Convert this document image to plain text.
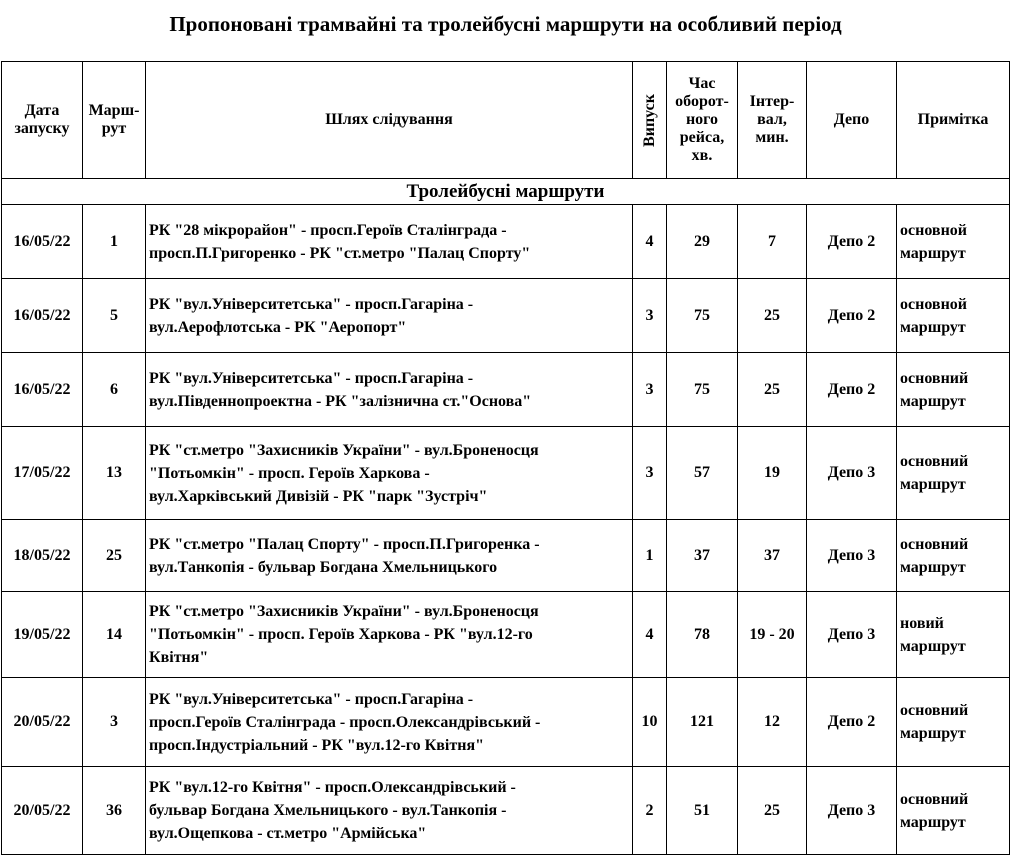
Пропоновані трамвайні та тролейбусні маршрути на особливий період
Дата
запуску	Марш-
рут	Шлях слідування	Випуск	Час
оборот-
ного
рейса,
хв.	Інтер-
вал,
мин.	Депо	Примітка
Тролейбусні маршрути							
16/05/22	1	РК "28 мікрорайон" - просп.Героїв Сталінграда -
просп.П.Григоренко - РК "ст.метро "Палац Спорту"	4	29	7	Депо 2	основной
маршрут
16/05/22	5	РК "вул.Університетська" - просп.Гагаріна -
вул.Аерофлотська - РК "Аеропорт"	3	75	25	Депо 2	основной
маршрут
16/05/22	6	РК "вул.Університетська" - просп.Гагаріна -
вул.Південнопроектна - РК "залізнична ст."Основа"	3	75	25	Депо 2	основний
маршрут
17/05/22	13	РК "ст.метро "Захисників України" - вул.Броненосця
"Потьомкін" - просп. Героїв Харкова -
вул.Харківський Дивізій - РК "парк "Зустріч"	3	57	19	Депо 3	основний
маршрут
18/05/22	25	РК "ст.метро "Палац Спорту" - просп.П.Григоренка -
вул.Танкопія - бульвар Богдана Хмельницького	1	37	37	Депо 3	основний
маршрут
19/05/22	14	РК "ст.метро "Захисників України" - вул.Броненосця
"Потьомкін" - просп. Героїв Харкова - РК "вул.12-го
Квітня"	4	78	19 - 20	Депо 3	новий
маршрут
20/05/22	3	РК "вул.Університетська" - просп.Гагаріна -
просп.Героїв Сталінграда - просп.Олександрівський -
просп.Індустріальний - РК "вул.12-го Квітня"	10	121	12	Депо 2	основний
маршрут
20/05/22	36	РК "вул.12-го Квітня" - просп.Олександрівський -
бульвар Богдана Хмельницького - вул.Танкопія -
вул.Ощепкова - ст.метро "Армійська"	2	51	25	Депо 3	основний
маршрут
